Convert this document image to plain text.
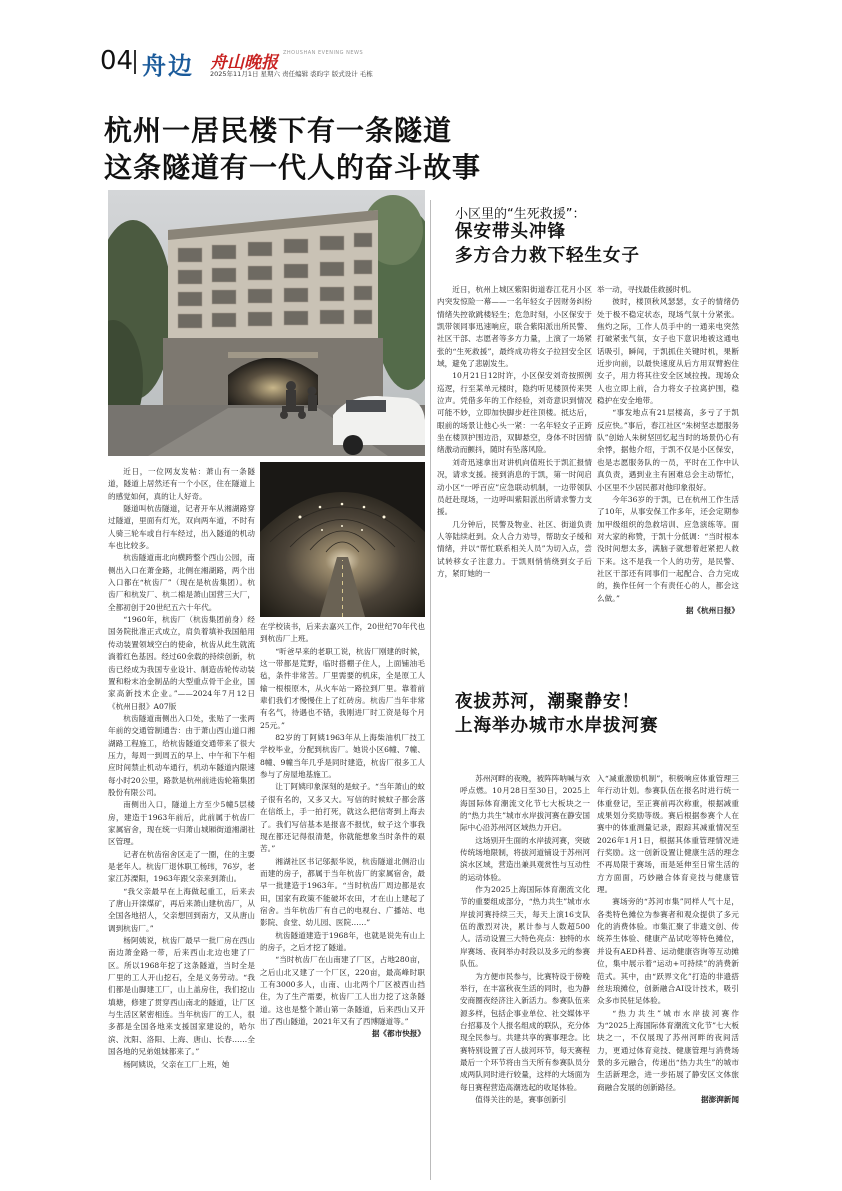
04 舟边 舟山晚报 ZHOUSHAN EVENING NEWS
2025年11月1日 星期六 责任编辑 裘昀宇 版式设计 毛栋
杭州一居民楼下有一条隧道
这条隧道有一代人的奋斗故事

近日，一位网友发帖：萧山有一条隧道，隧道上居然还有一个小区，住在隧道上的感觉如何，真的让人好奇。

隧道叫杭齿隧道，记者开车从湘湖路穿过隧道，里面有灯光，双向两车道，不时有人骑三轮车或自行车经过，出入隧道的机动车也比较多。

杭齿隧道南北向横跨整个西山公园，南侧出入口在萧金路，北侧在湘湖路，两个出入口都在“杭齿厂”（现在是杭齿集团）。杭齿厂和杭发厂、杭二棉是萧山国营三大厂，全都初创于20世纪五六十年代。

“1960年，杭齿厂（杭齿集团前身）经国务院批准正式成立，肩负着填补我国船用传动装置领域空白的使命，杭齿从此生就流淌着红色基因。经过60余载的持续创新，杭齿已经成为我国专业设计、制造齿轮传动装置和粉末冶金制品的大型重点骨干企业，国家高新技术企业。”——2024年7月12日《杭州日报》A07版

杭齿隧道南侧出入口处，张贴了一张两年前的交通管制通告：由于萧山西山道口湘湖路工程施工，给杭齿隧道交通带来了很大压力，每周一到周五的早上、中午和下午相应时间禁止机动车通行，机动车隧道内限速每小时20公里，路款是杭州前进齿轮箱集团股份有限公司。

南侧出入口，隧道上方至少5幢5层楼房，建造于1963年前后，此前属于杭齿厂家属宿舍，现在统一归萧山城厢街道湘湖社区管理。

记者在杭齿宿舍区走了一圈，住的主要是老年人。杭齿厂退休职工杨玮，76岁，老家江苏溧阳，1963年跟父亲来到萧山。

“我父亲最早在上海做起重工，后来去了唐山开滦煤矿，再后来萧山建杭齿厂，从全国各地招人，父亲想回到南方，又从唐山调到杭齿厂。”

杨阿姨说，杭齿厂最早一批厂房在西山南边萧金路一带，后来西山北边也建了厂区。所以1968年挖了这条隧道，当时全是厂里的工人开山挖石，全是义务劳动。“我们都是山脚建工厂，山上盖房住，我们挖山填塘，修建了贯穿西山南北的隧道，让厂区与生活区紧密相连。当年杭齿厂的工人，很多都是全国各地来支援国家建设的，哈尔滨、沈阳、洛阳、上海、唐山、长春……全国各地的兄弟姐妹都来了。”

杨阿姨说，父亲在工厂上班，她

在学校读书，后来去嘉兴工作，20世纪70年代也到杭齿厂上班。

“听爸早来的老职工说，杭齿厂刚建的时候，这一带都是荒野，临时搭棚子住人，上面铺油毛毡，条件非常苦。厂里需要的机床，全是原工人输一根根原木，从火车站一路拉到厂里。靠着前辈们我们才慢慢住上了红砖房。杭齿厂当年非常有名气，待遇也不错，我刚进厂时工资是每个月25元。”

82岁的丁阿姨1963年从上海柴油机厂技工学校毕业，分配到杭齿厂。她说小区6幢、7幢、8幢、9幢当年几乎是同时建造，杭齿厂很多工人参与了房屋地基施工。

让丁阿姨印象深刻的是蚊子。“当年萧山的蚊子很有名的，又多又大。写信的时候蚊子都会落在信纸上，手一拍打死，就这么把信寄到上海去了。我们写信基本是报喜不报忧，蚊子这个事我现在都还记得很清楚，你就能想象当时条件的艰苦。”

湘湖社区书记邬振华说，杭齿隧道北侧沿山而建的房子，都属于当年杭齿厂的家属宿舍，最早一批建造于1963年。“当时杭齿厂周边都是农田，国家有政策不能破坏农田，才在山上建起了宿舍。当年杭齿厂有自己的电视台、广播站、电影院、食堂、幼儿园、医院……”

杭齿隧道建造于1968年，也就是说先有山上的房子，之后才挖了隧道。

“当时杭齿厂在山南建了厂区，占地280亩，之后山北又建了一个厂区，220亩，最高峰时职工有3000多人，山南、山北两个厂区被西山挡住，为了生产需要，杭齿厂工人出力挖了这条隧道。这也是整个萧山第一条隧道，后来西山又开出了西山隧道，2021年又有了西博隧道等。”

据《都市快报》

小区里的“生死救援”：
保安带头冲锋
多方合力救下轻生女子

近日，杭州上城区紫阳街道春江花月小区内突发惊险一幕——一名年轻女子因财务纠纷情绪失控欲跳楼轻生；危急时刻，小区保安于凯带领同事迅速响应，联合紫阳派出所民警、社区干部、志愿者等多方力量，上演了一场紧张的“生死救援”，最终成功将女子拉回安全区域，避免了悲剧发生。

10月21日12时许，小区保安刘奇按照例巡逻，行至某单元楼时，隐约听见楼顶传来哭泣声。凭借多年的工作经验，刘奇意识到情况可能不妙，立即加快脚步赶往顶楼。抵达后，眼前的场景让他心头一紧：一名年轻女子正跨坐在楼顶护围边沿，双脚悬空，身体不时因情绪激动而颤抖，随时有坠落风险。

刘奇迅速拿出对讲机向值班长于凯汇报情况，请求支援。接到消息的于凯，第一时间启动小区“一呼百应”应急联动机制，一边带领队员赶赴现场，一边呼叫紫阳派出所请求警力支援。

几分钟后，民警及物业、社区、街道负责人等陆续赶到。众人合力劝导，帮助女子缓和情绪，并以“帮忙联系相关人员”为切入点，尝试转移女子注意力。于凯则悄悄绕到女子后方，紧盯她的一

举一动，寻找最佳救援时机。

彼时，楼顶秋风瑟瑟，女子的情绪仍处于极不稳定状态，现场气氛十分紧张。焦灼之际，工作人员手中的一通来电突然打破紧张气氛，女子也下意识地被这通电话吸引，瞬间，于凯抓住关键时机，果断近步向前，以最快速度从后方用双臂抱住女子，用力将其往安全区域拉拽。现场众人也立即上前，合力将女子拉离护围，稳稳护在安全地带。

“事发地点有21层楼高，多亏了于凯反应快。”事后，春江社区“朱树坚志愿服务队”创始人朱树坚回忆起当时的场景仍心有余悸，据他介绍，于凯不仅是小区保安，也是志愿服务队的一员，平时在工作中认真负责，遇到业主有困难总会主动帮忙，小区里不少居民都对他印象很好。

今年36岁的于凯，已在杭州工作生活了10年，从事安保工作多年，还会定期参加甲级组织的急救培训、应急演练等。面对大家的称赞，于凯十分低调：“当时根本没时间想太多，满脑子就想着赶紧把人救下来。这不是我一个人的功劳，是民警、社区干部还有同事们一起配合、合力完成的，换作任何一个有责任心的人，都会这么做。”

据《杭州日报》

夜拔苏河，潮聚静安！
上海举办城市水岸拔河赛

苏州河畔的夜晚，被阵阵呐喊与欢呼点燃。10月28日至30日，2025上海国际体育潮流文化节七大板块之一的“热力共生”城市水岸拔河赛在静安国际中心沿苏州河区域热力开启。

这场别开生面的水岸拔河赛，突破传统场地限制，将拔河道铺设于苏州河滨水区域，营造出兼具观赏性与互动性的运动体验。

作为2025上海国际体育潮流文化节的重要组成部分，“热力共生”城市水岸拔河赛持续三天，每天上演16支队伍的激烈对决，累计参与人数超500人。活动设置三大特色亮点：独特的水岸赛场、夜间举办时段以及多元的参赛队伍。

为方便市民参与，比赛特设于傍晚举行，在丰富秋夜生活的同时，也为静安商圈夜经济注入新活力。参赛队伍来源多样，包括企事业单位、社交媒体平台招募及个人报名组成的联队，充分体现全民参与。共建共享的赛事理念。比赛特别设置了百人拔河环节，每天赛程最后一个环节将由当天所有参赛队员分成两队同时进行较量，这样的大场面为每日赛程营造高潮选起的收尾体验。

值得关注的是，赛事创新引

入“减重激励机制”，积极响应体重管理三年行动计划。参赛队伍在报名时进行统一体重登记，至正赛前再次称重，根据减重成果划分奖励等级。赛后根据参赛个人在赛中的体重测量记录，跟踪其减重情况至2026年1月1日，根据其体重管理情况进行奖励。这一创新设置让健康生活的理念不再局限于赛场，而是延伸至日常生活的方方面面，巧妙融合体育竞技与健康管理。

赛场旁的“苏河市集”同样人气十足，各类特色摊位为参赛者和观众提供了多元化的消费体验。市集汇聚了非遗文创、传统养生体验、健康产品试吃等特色摊位，并设有AED科普、运动健康咨询等互动摊位，集中展示着“运动+可持续”的消费新范式。其中，由“跃界文化”打造的非遗搭丝珐琅摊位，创新融合AI设计技术，吸引众多市民驻足体验。

“热力共生”城市水岸拔河赛作为“2025上海国际体育潮流文化节”七大板块之一，不仅展现了苏州河畔的夜间活力，更通过体育竞技、健康管理与消费场景的多元融合，传递出“热力共生”的城市生活新理念，进一步拓展了静安区文体旅商融合发展的创新路径。

据澎湃新闻
